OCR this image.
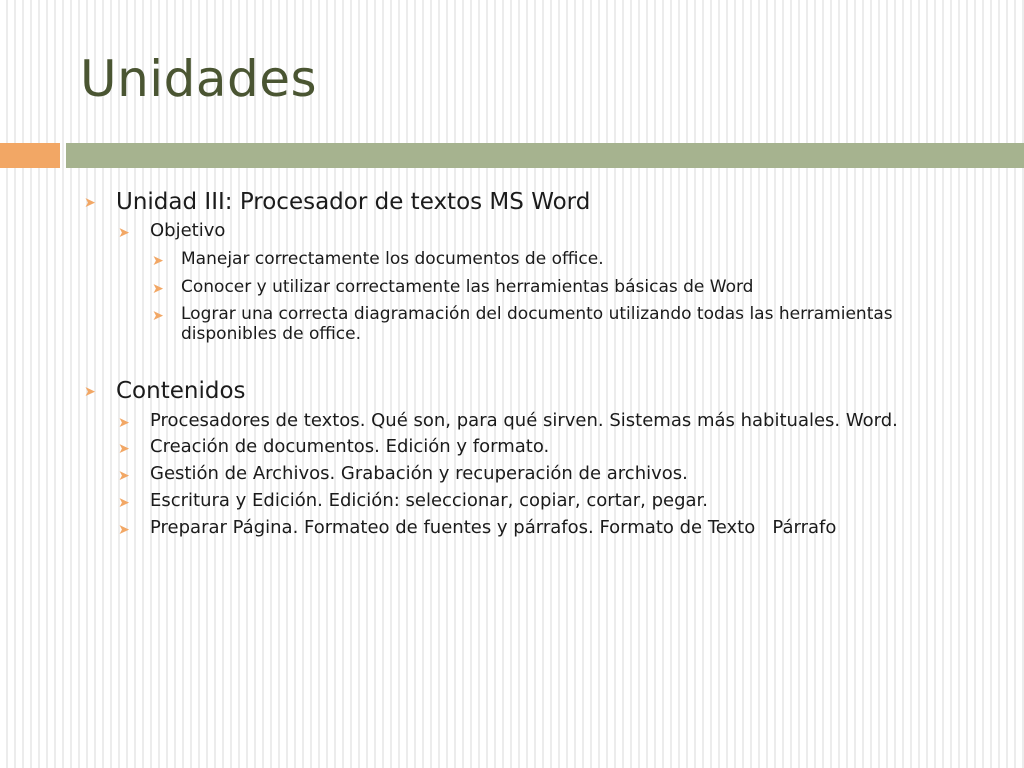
Unidades
➤ Unidad III: Procesador de textos MS Word
➤ Objetivo
➤ Manejar correctamente los documentos de office.
➤ Conocer y utilizar correctamente las herramientas básicas de Word
➤ Lograr una correcta diagramación del documento utilizando todas las herramientas disponibles de office.
➤ Contenidos
➤ Procesadores de textos. Qué son, para qué sirven. Sistemas más habituales. Word.
➤ Creación de documentos. Edición y formato.
➤ Gestión de Archivos. Grabación y recuperación de archivos.
➤ Escritura y Edición. Edición: seleccionar, copiar, cortar, pegar.
➤ Preparar Página. Formateo de fuentes y párrafos. Formato de Texto   Párrafo
